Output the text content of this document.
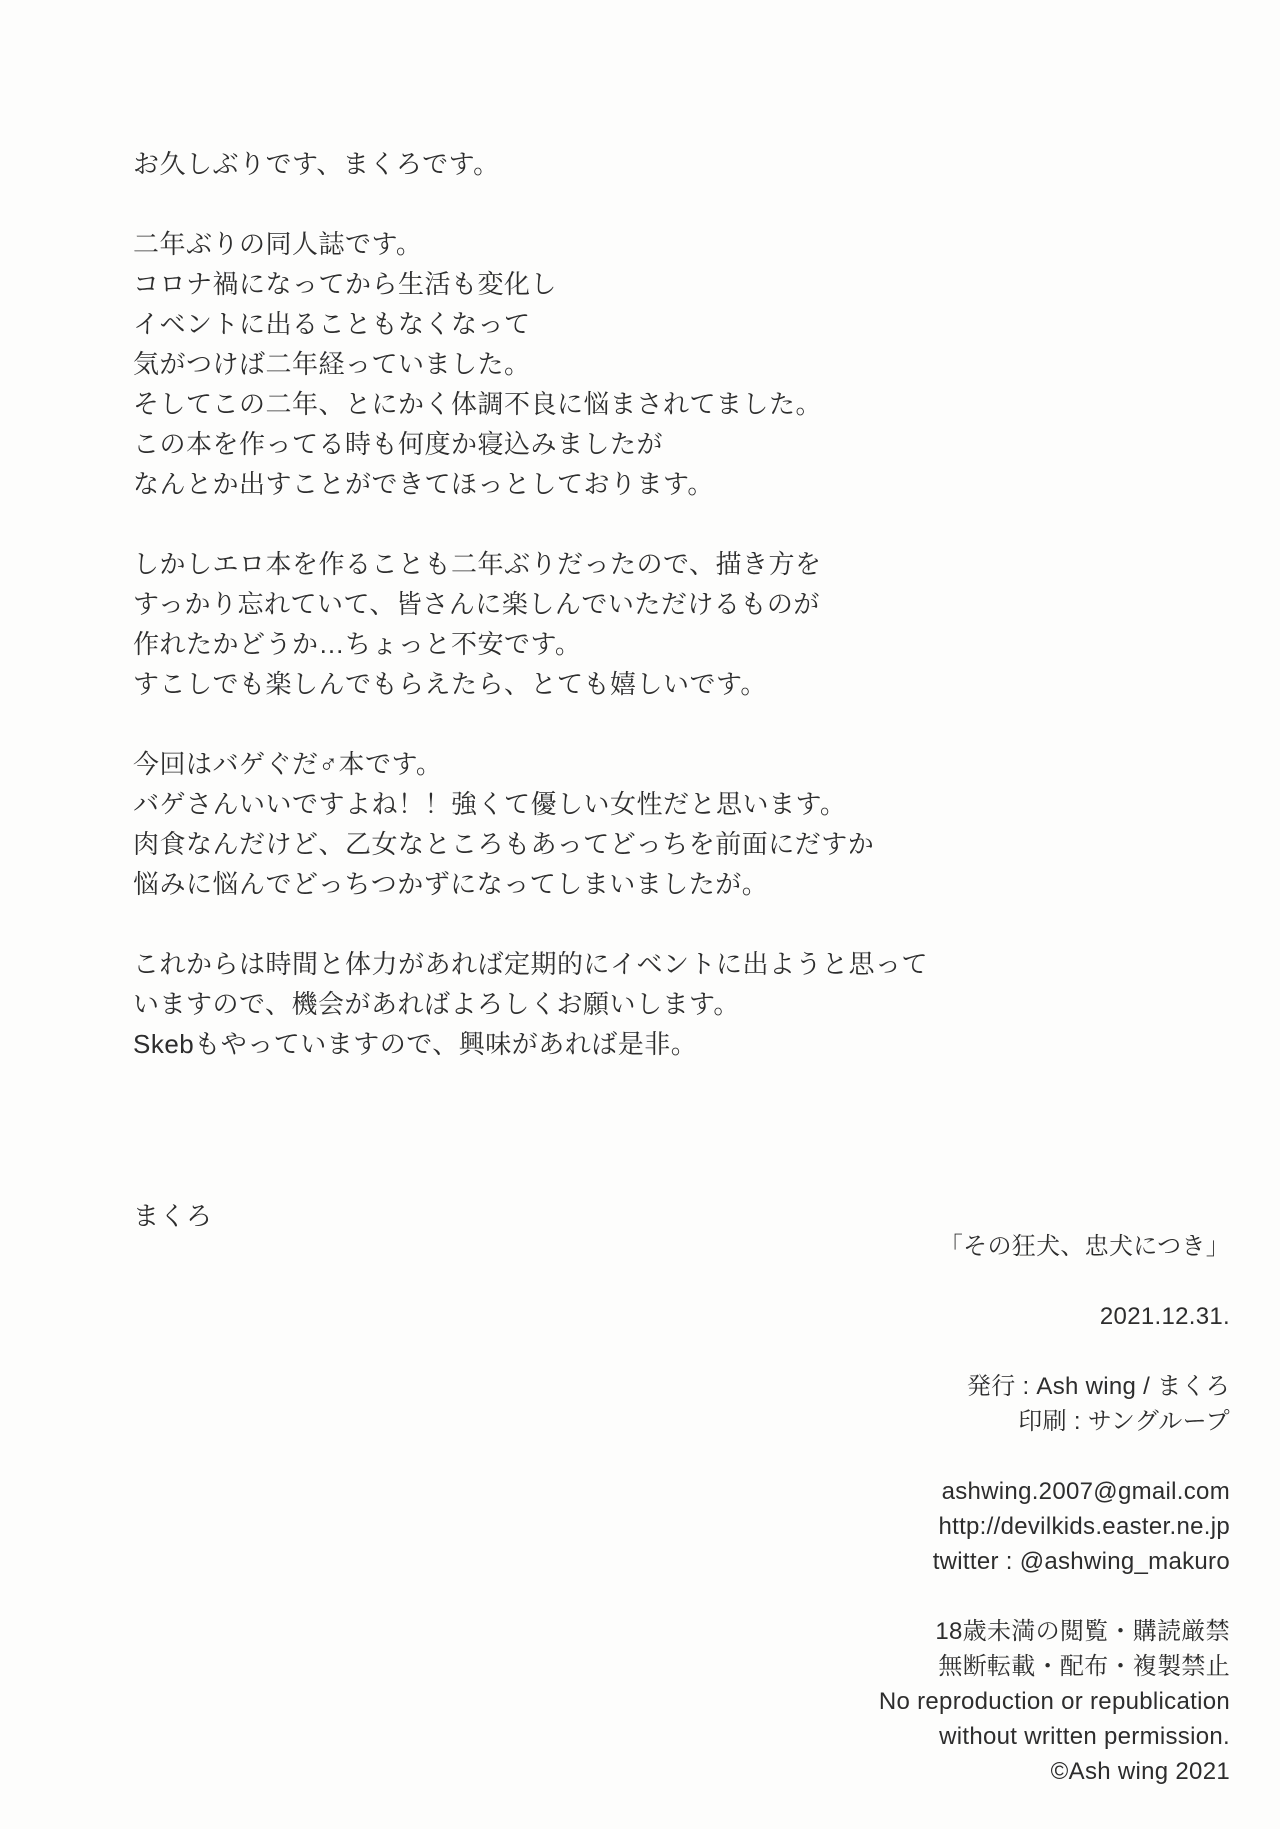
お久しぶりです、まくろです。
二年ぶりの同人誌です。
コロナ禍になってから生活も変化し
イベントに出ることもなくなって
気がつけば二年経っていました。
そしてこの二年、とにかく体調不良に悩まされてました。
この本を作ってる時も何度か寝込みましたが
なんとか出すことができてほっとしております。
しかしエロ本を作ることも二年ぶりだったので、描き方を
すっかり忘れていて、皆さんに楽しんでいただけるものが
作れたかどうか…ちょっと不安です。
すこしでも楽しんでもらえたら、とても嬉しいです。
今回はバゲぐだ♂本です。
バゲさんいいですよね！！強くて優しい女性だと思います。
肉食なんだけど、乙女なところもあってどっちを前面にだすか
悩みに悩んでどっちつかずになってしまいましたが。
これからは時間と体力があれば定期的にイベントに出ようと思って
いますので、機会があればよろしくお願いします。
Skebもやっていますので、興味があれば是非。
まくろ
「その狂犬、忠犬につき」
2021.12.31.
発行 : Ash wing / まくろ
印刷 : サングループ
ashwing.2007@gmail.com
http://devilkids.easter.ne.jp
twitter : @ashwing_makuro
18歳未満の閲覧・購読厳禁
無断転載・配布・複製禁止
No reproduction or republication
without written permission.
©Ash wing 2021
